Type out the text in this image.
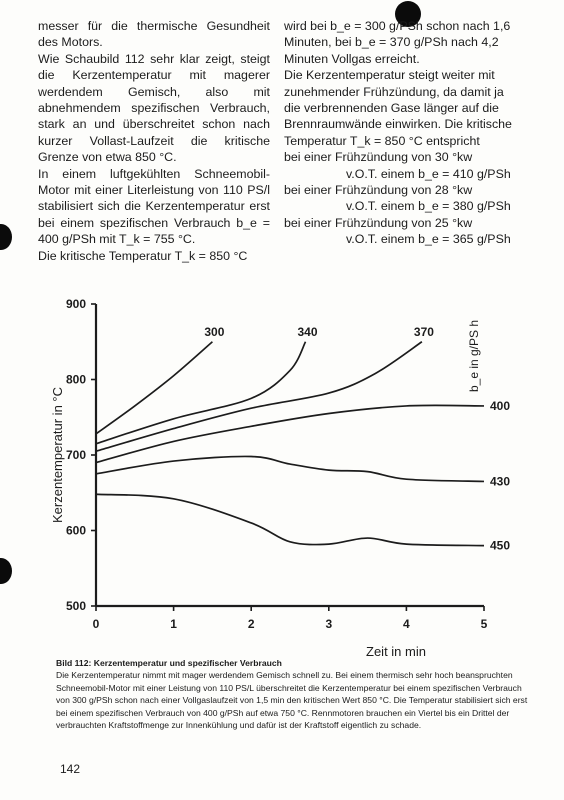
messer für die thermische Gesundheit des Motors.

Wie Schaubild 112 sehr klar zeigt, steigt die Kerzentemperatur mit magerer werdendem Gemisch, also mit abnehmendem spezifischen Verbrauch, stark an und überschreitet schon nach kurzer Vollast-Laufzeit die kritische Grenze von etwa 850 °C.

In einem luftgekühlten Schneemobil-Motor mit einer Literleistung von 110 PS/l stabilisiert sich die Kerzentemperatur erst bei einem spezifischen Verbrauch b_e = 400 g/PSh mit T_k = 755 °C.

Die kritische Temperatur T_k = 850 °C

wird bei b_e = 300 g/PSh schon nach 1,6 Minuten, bei b_e = 370 g/PSh nach 4,2 Minuten Vollgas erreicht.

Die Kerzentemperatur steigt weiter mit zunehmender Frühzündung, da damit ja die verbrennenden Gase länger auf die Brennraumwände einwirken. Die kritische Temperatur T_k = 850 °C entspricht

bei einer Frühzündung von 30 °kw

v.O.T. einem b_e = 410 g/PSh

bei einer Frühzündung von 28 °kw

v.O.T. einem b_e = 380 g/PSh

bei einer Frühzündung von 25 °kw

v.O.T. einem b_e = 365 g/PSh

500
600
700
800
900
0	1	2	3	4	5
Zeit in min
Kerzentemperatur in °C
b_e in g/PS h
300	340	370
400
430
450
Bild 112: Kerzentemperatur und spezifischer Verbrauch
Die Kerzentemperatur nimmt mit mager werdendem Gemisch schnell zu. Bei einem thermisch sehr hoch beanspruchten Schneemobil-Motor mit einer Leistung von 110 PS/L überschreitet die Kerzentemperatur bei einem spezifischen Verbrauch von 300 g/PSh schon nach einer Vollgaslaufzeit von 1,5 min den kritischen Wert 850 °C. Die Temperatur stabilisiert sich erst bei einem spezifischen Verbrauch von 400 g/PSh auf etwa 750 °C. Rennmotoren brauchen ein Viertel bis ein Drittel der verbrauchten Kraftstoffmenge zur Innenkühlung und dafür ist der Kraftstoff eigentlich zu schade.
142
